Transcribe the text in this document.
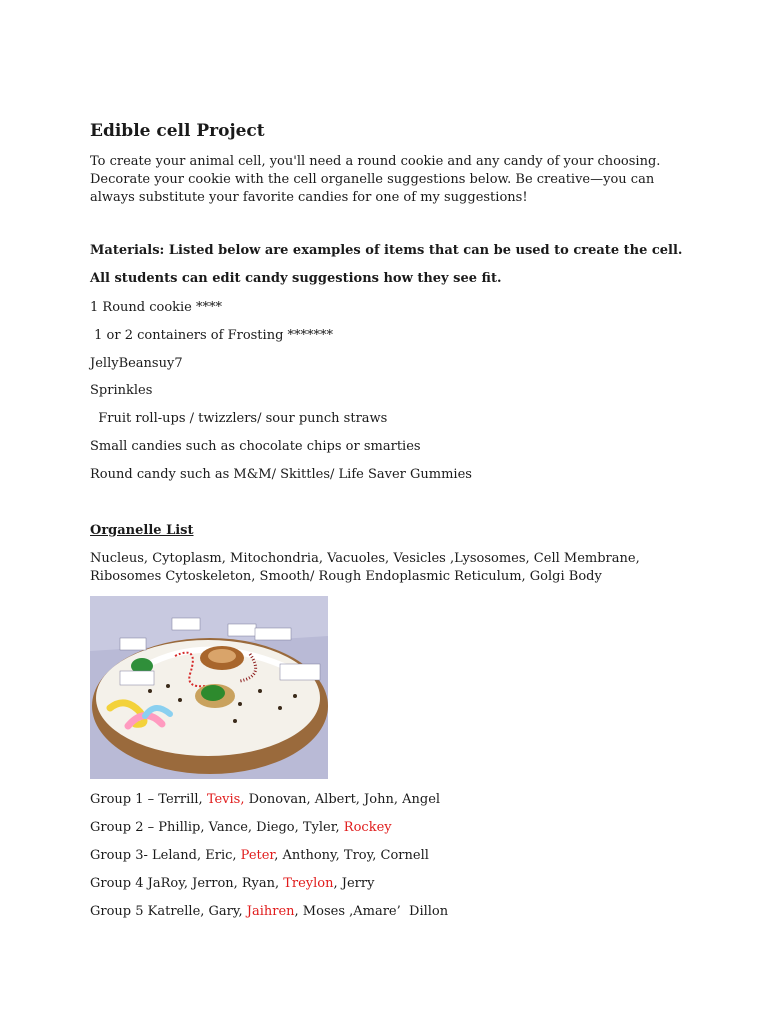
Edible cell Project
To create your animal cell, you'll need a round cookie and any candy of your choosing. Decorate your cookie with the cell organelle suggestions below. Be creative—you can always substitute your favorite candies for one of my suggestions!
Materials: Listed below are examples of items that can be used to create the cell.
All students can edit candy suggestions how they see fit.
1 Round cookie ****
1 or 2 containers of Frosting *******
JellyBeansuy7
Sprinkles
Fruit roll-ups / twizzlers/ sour punch straws
Small candies such as chocolate chips or smarties
Round candy such as M&M/ Skittles/ Life Saver Gummies
Organelle List
Nucleus, Cytoplasm, Mitochondria, Vacuoles, Vesicles ,Lysosomes, Cell Membrane, Ribosomes Cytoskeleton, Smooth/ Rough Endoplasmic Reticulum, Golgi Body
Group 1 – Terrill, Tevis, Donovan, Albert, John, Angel
Group 2 – Phillip, Vance, Diego, Tyler, Rockey
Group 3- Leland, Eric, Peter, Anthony, Troy, Cornell
Group 4 JaRoy, Jerron, Ryan, Treylon, Jerry
Group 5 Katrelle, Gary, Jaihren, Moses ,Amare’  Dillon
